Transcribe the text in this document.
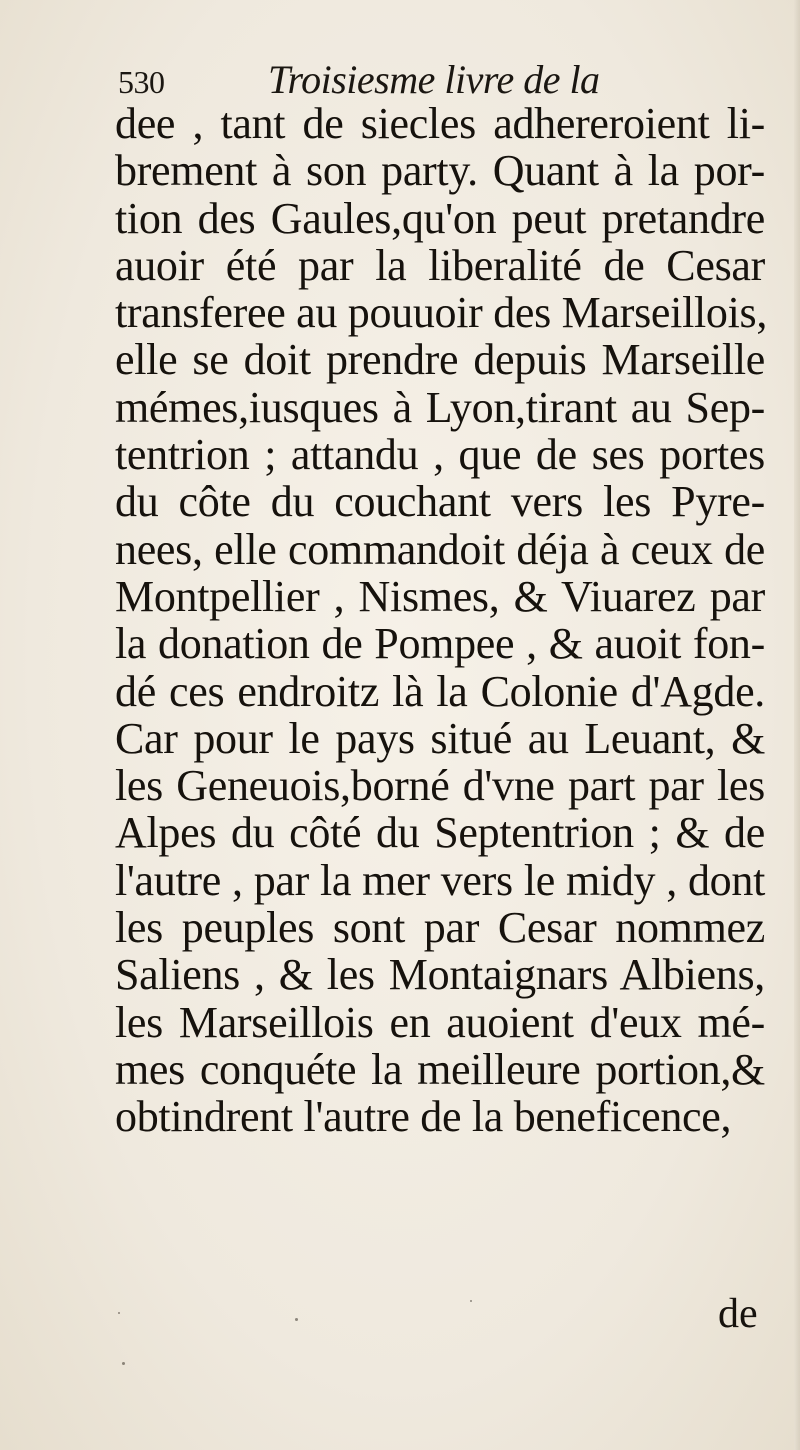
530	Troisiesme livre de la
dee , tant de siecles adhereroient li-
brement à son party. Quant à la por-
tion des Gaules,qu'on peut pretandre
auoir été par la liberalité de Cesar
transferee au pouuoir des Marseillois,
elle se doit prendre depuis Marseille
mémes,iusques à Lyon,tirant au Sep-
tentrion ; attandu , que de ses portes
du côte du couchant vers les Pyre-
nees, elle commandoit déja à ceux de
Montpellier , Nismes, & Viuarez par
la donation de Pompee , & auoit fon-
dé ces endroitz là la Colonie d'Agde.
Car pour le pays situé au Leuant, &
les Geneuois,borné d'vne part par les
Alpes du côté du Septentrion ; & de
l'autre , par la mer vers le midy , dont
les peuples sont par Cesar nommez
Saliens , & les Montaignars Albiens,
les Marseillois en auoient d'eux mé-
mes conquéte la meilleure portion,&
obtindrent l'autre de la beneficence,
de
